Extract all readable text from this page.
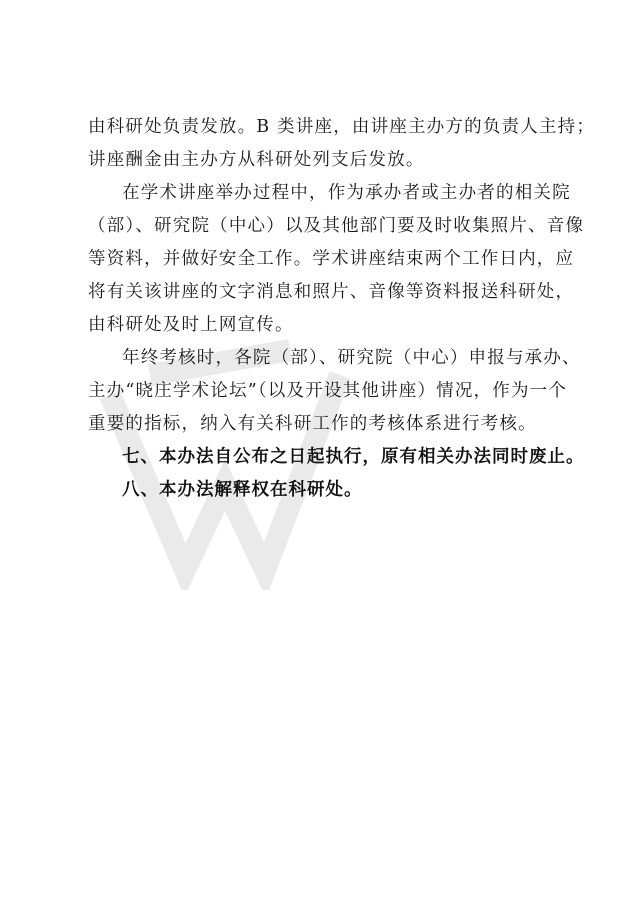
由科研处负责发放。B 类讲座，由讲座主办方的负责人主持；
讲座酬金由主办方从科研处列支后发放。
在学术讲座举办过程中，作为承办者或主办者的相关院
（部）、研究院（中心）以及其他部门要及时收集照片、音像
等资料，并做好安全工作。学术讲座结束两个工作日内，应
将有关该讲座的文字消息和照片、音像等资料报送科研处，
由科研处及时上网宣传。
年终考核时，各院（部）、研究院（中心）申报与承办、
主办“晓庄学术论坛”（以及开设其他讲座）情况，作为一个
重要的指标，纳入有关科研工作的考核体系进行考核。
七、本办法自公布之日起执行，原有相关办法同时废止。
八、本办法解释权在科研处。
